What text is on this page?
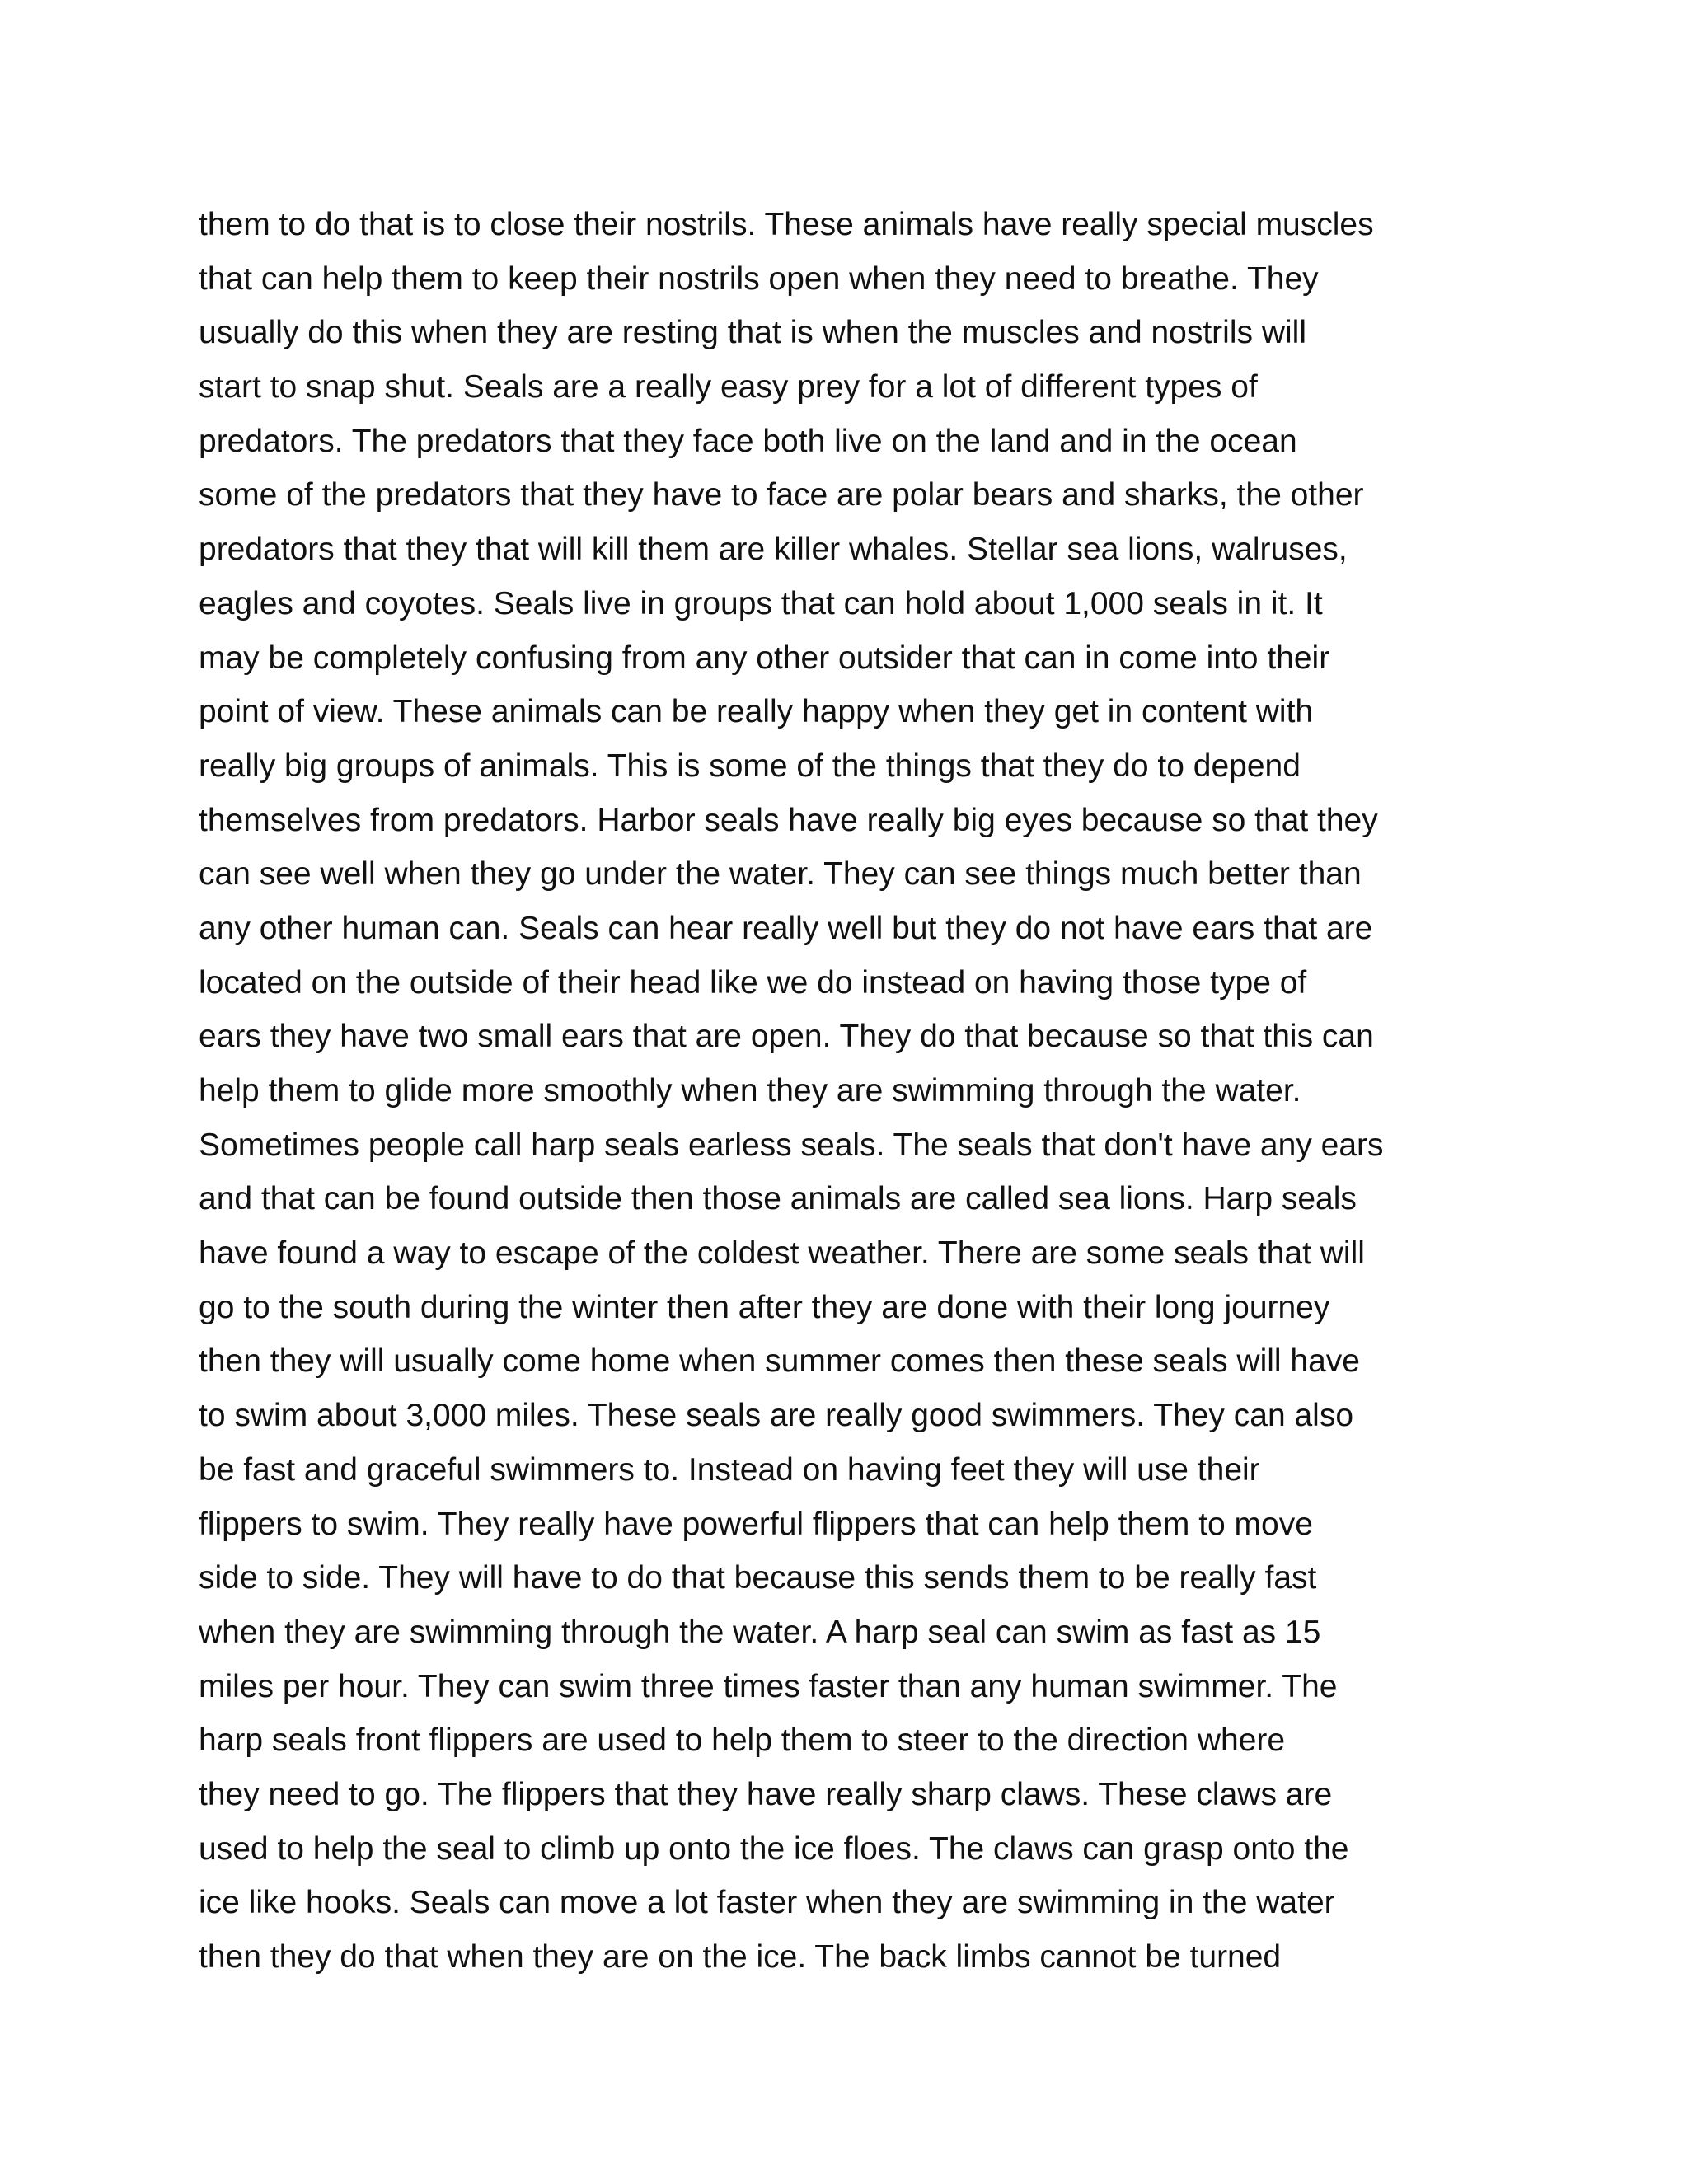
them to do that is to close their nostrils. These animals have really special muscles
that can help them to keep their nostrils open when they need to breathe. They
usually do this when they are resting that is when the muscles and nostrils will
start to snap shut. Seals are a really easy prey for a lot of different types of
predators. The predators that they face both live on the land and in the ocean
some of the predators that they have to face are polar bears and sharks, the other
predators that they that will kill them are killer whales. Stellar sea lions, walruses,
eagles and coyotes. Seals live in groups that can hold about 1,000 seals in it. It
may be completely confusing from any other outsider that can in come into their
point of view. These animals can be really happy when they get in content with
really big groups of animals. This is some of the things that they do to depend
themselves from predators. Harbor seals have really big eyes because so that they
can see well when they go under the water. They can see things much better than
any other human can. Seals can hear really well but they do not have ears that are
located on the outside of their head like we do instead on having those type of
ears they have two small ears that are open. They do that because so that this can
help them to glide more smoothly when they are swimming through the water.
Sometimes people call harp seals earless seals. The seals that don't have any ears
and that can be found outside then those animals are called sea lions. Harp seals
have found a way to escape of the coldest weather. There are some seals that will
go to the south during the winter then after they are done with their long journey
then they will usually come home when summer comes then these seals will have
to swim about 3,000 miles. These seals are really good swimmers. They can also
be fast and graceful swimmers to. Instead on having feet they will use their
flippers to swim. They really have powerful flippers that can help them to move
side to side. They will have to do that because this sends them to be really fast
when they are swimming through the water. A harp seal can swim as fast as 15
miles per hour. They can swim three times faster than any human swimmer. The
harp seals front flippers are used to help them to steer to the direction where
they need to go. The flippers that they have really sharp claws. These claws are
used to help the seal to climb up onto the ice floes. The claws can grasp onto the
ice like hooks. Seals can move a lot faster when they are swimming in the water
then they do that when they are on the ice. The back limbs cannot be turned
